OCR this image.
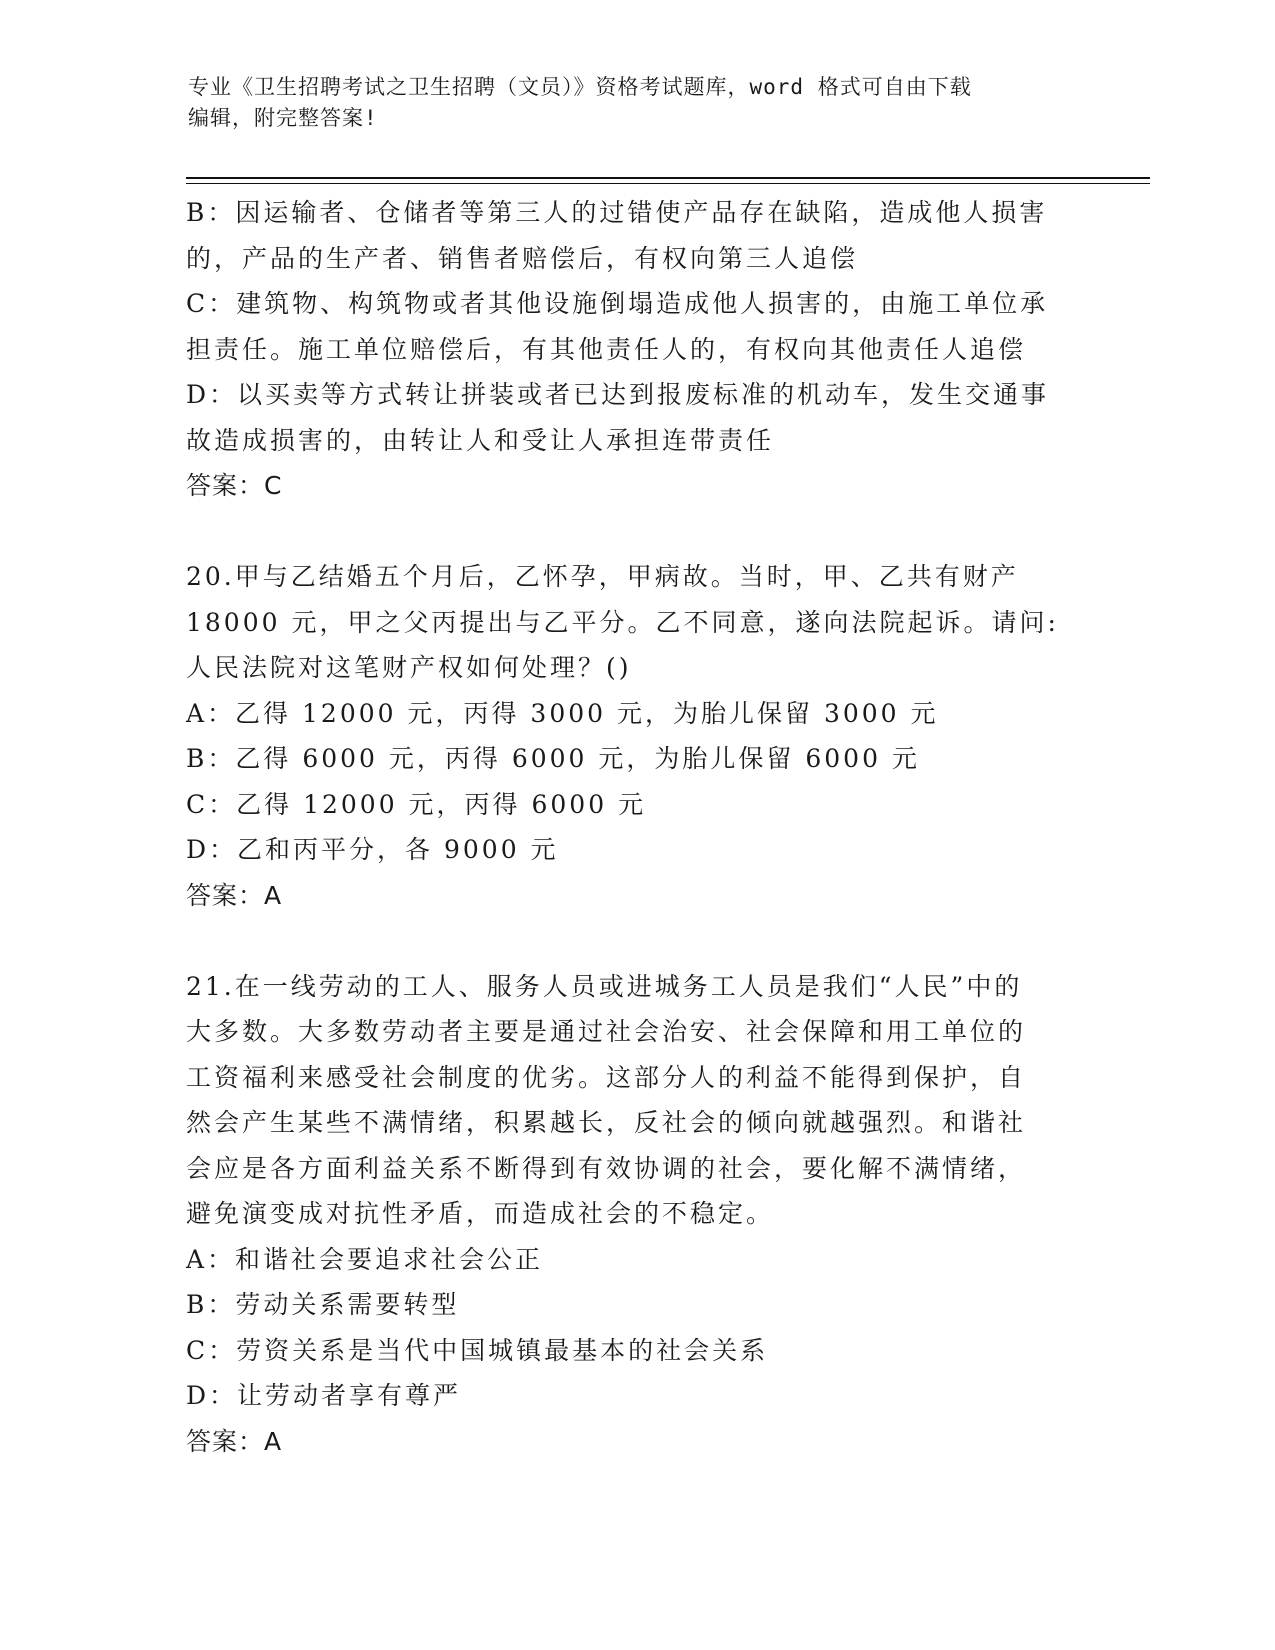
专业《卫生招聘考试之卫生招聘（文员）》资格考试题库，word 格式可自由下载
编辑，附完整答案!

B：因运输者、仓储者等第三人的过错使产品存在缺陷，造成他人损害

的，产品的生产者、销售者赔偿后，有权向第三人追偿

C：建筑物、构筑物或者其他设施倒塌造成他人损害的，由施工单位承

担责任。施工单位赔偿后，有其他责任人的，有权向其他责任人追偿

D：以买卖等方式转让拼装或者已达到报废标准的机动车，发生交通事

故造成损害的，由转让人和受让人承担连带责任

答案：C

20.甲与乙结婚五个月后，乙怀孕，甲病故。当时，甲、乙共有财产

18000 元，甲之父丙提出与乙平分。乙不同意，遂向法院起诉。请问:

人民法院对这笔财产权如何处理？()

A：乙得 12000 元，丙得 3000 元，为胎儿保留 3000 元

B：乙得 6000 元，丙得 6000 元，为胎儿保留 6000 元

C：乙得 12000 元，丙得 6000 元

D：乙和丙平分，各 9000 元

答案：A

21.在一线劳动的工人、服务人员或进城务工人员是我们“人民”中的

大多数。大多数劳动者主要是通过社会治安、社会保障和用工单位的

工资福利来感受社会制度的优劣。这部分人的利益不能得到保护，自

然会产生某些不满情绪，积累越长，反社会的倾向就越强烈。和谐社

会应是各方面利益关系不断得到有效协调的社会，要化解不满情绪，

避免演变成对抗性矛盾，而造成社会的不稳定。

A：和谐社会要追求社会公正

B：劳动关系需要转型

C：劳资关系是当代中国城镇最基本的社会关系

D：让劳动者享有尊严

答案：A
